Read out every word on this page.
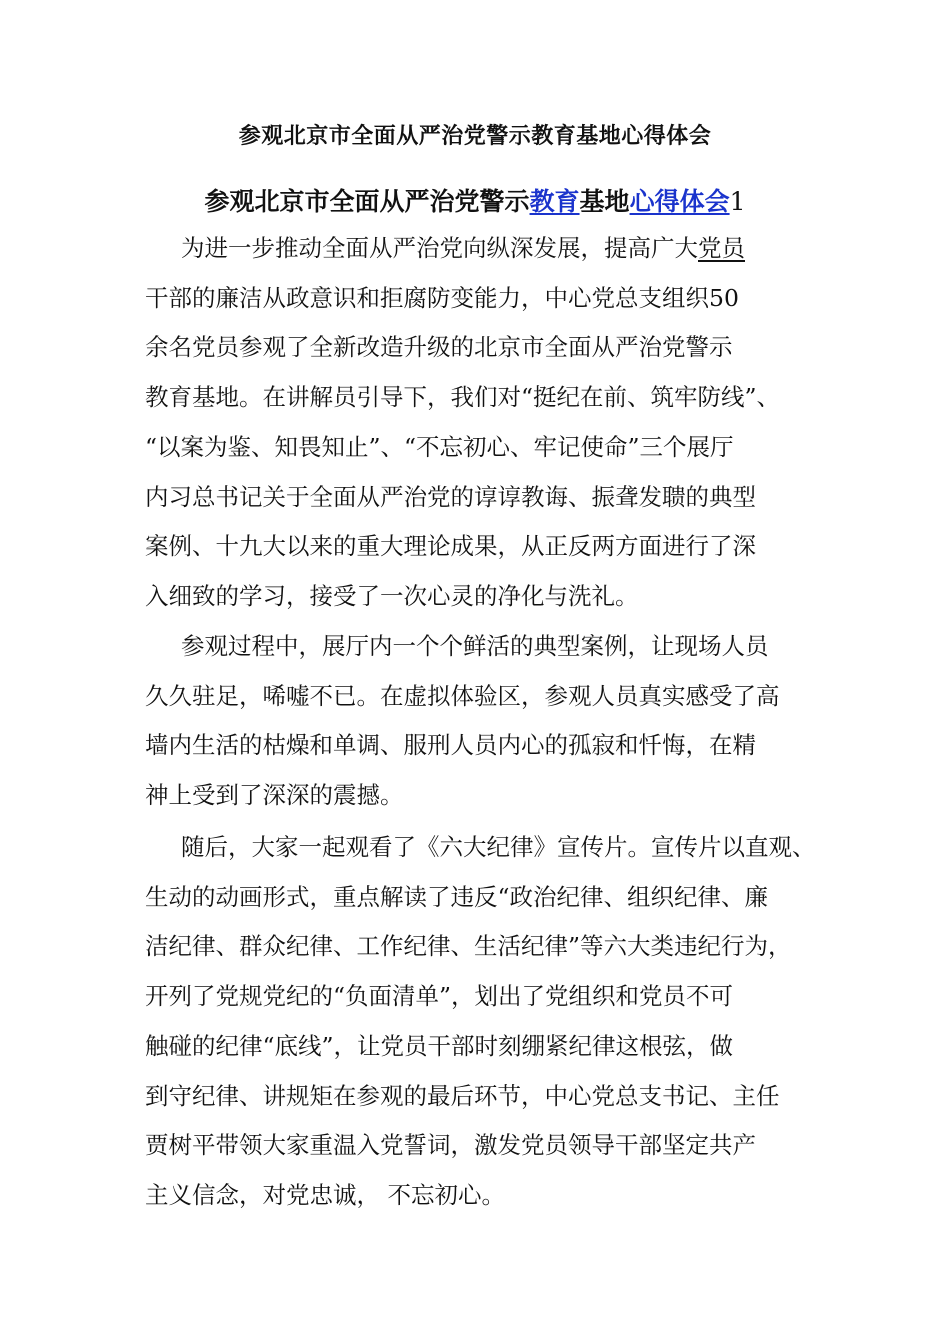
参观北京市全面从严治党警示教育基地心得体会
参观北京市全面从严治党警示教育基地心得体会1
为进一步推动全面从严治党向纵深发展，提高广大党员
干部的廉洁从政意识和拒腐防变能力，中心党总支组织50
余名党员参观了全新改造升级的北京市全面从严治党警示
教育基地。在讲解员引导下，我们对“挺纪在前、筑牢防线”、
“以案为鉴、知畏知止”、“不忘初心、牢记使命”三个展厅
内习总书记关于全面从严治党的谆谆教诲、振聋发聩的典型
案例、十九大以来的重大理论成果，从正反两方面进行了深
入细致的学习，接受了一次心灵的净化与洗礼。
参观过程中，展厅内一个个鲜活的典型案例，让现场人员
久久驻足，唏嘘不已。在虚拟体验区，参观人员真实感受了高
墙内生活的枯燥和单调、服刑人员内心的孤寂和忏悔，在精
神上受到了深深的震撼。
随后，大家一起观看了《六大纪律》宣传片。宣传片以直观、
生动的动画形式，重点解读了违反“政治纪律、组织纪律、廉
洁纪律、群众纪律、工作纪律、生活纪律”等六大类违纪行为，
开列了党规党纪的“负面清单”，划出了党组织和党员不可
触碰的纪律“底线”，让党员干部时刻绷紧纪律这根弦，做
到守纪律、讲规矩在参观的最后环节，中心党总支书记、主任
贾树平带领大家重温入党誓词，激发党员领导干部坚定共产
主义信念，对党忠诚， 不忘初心。
